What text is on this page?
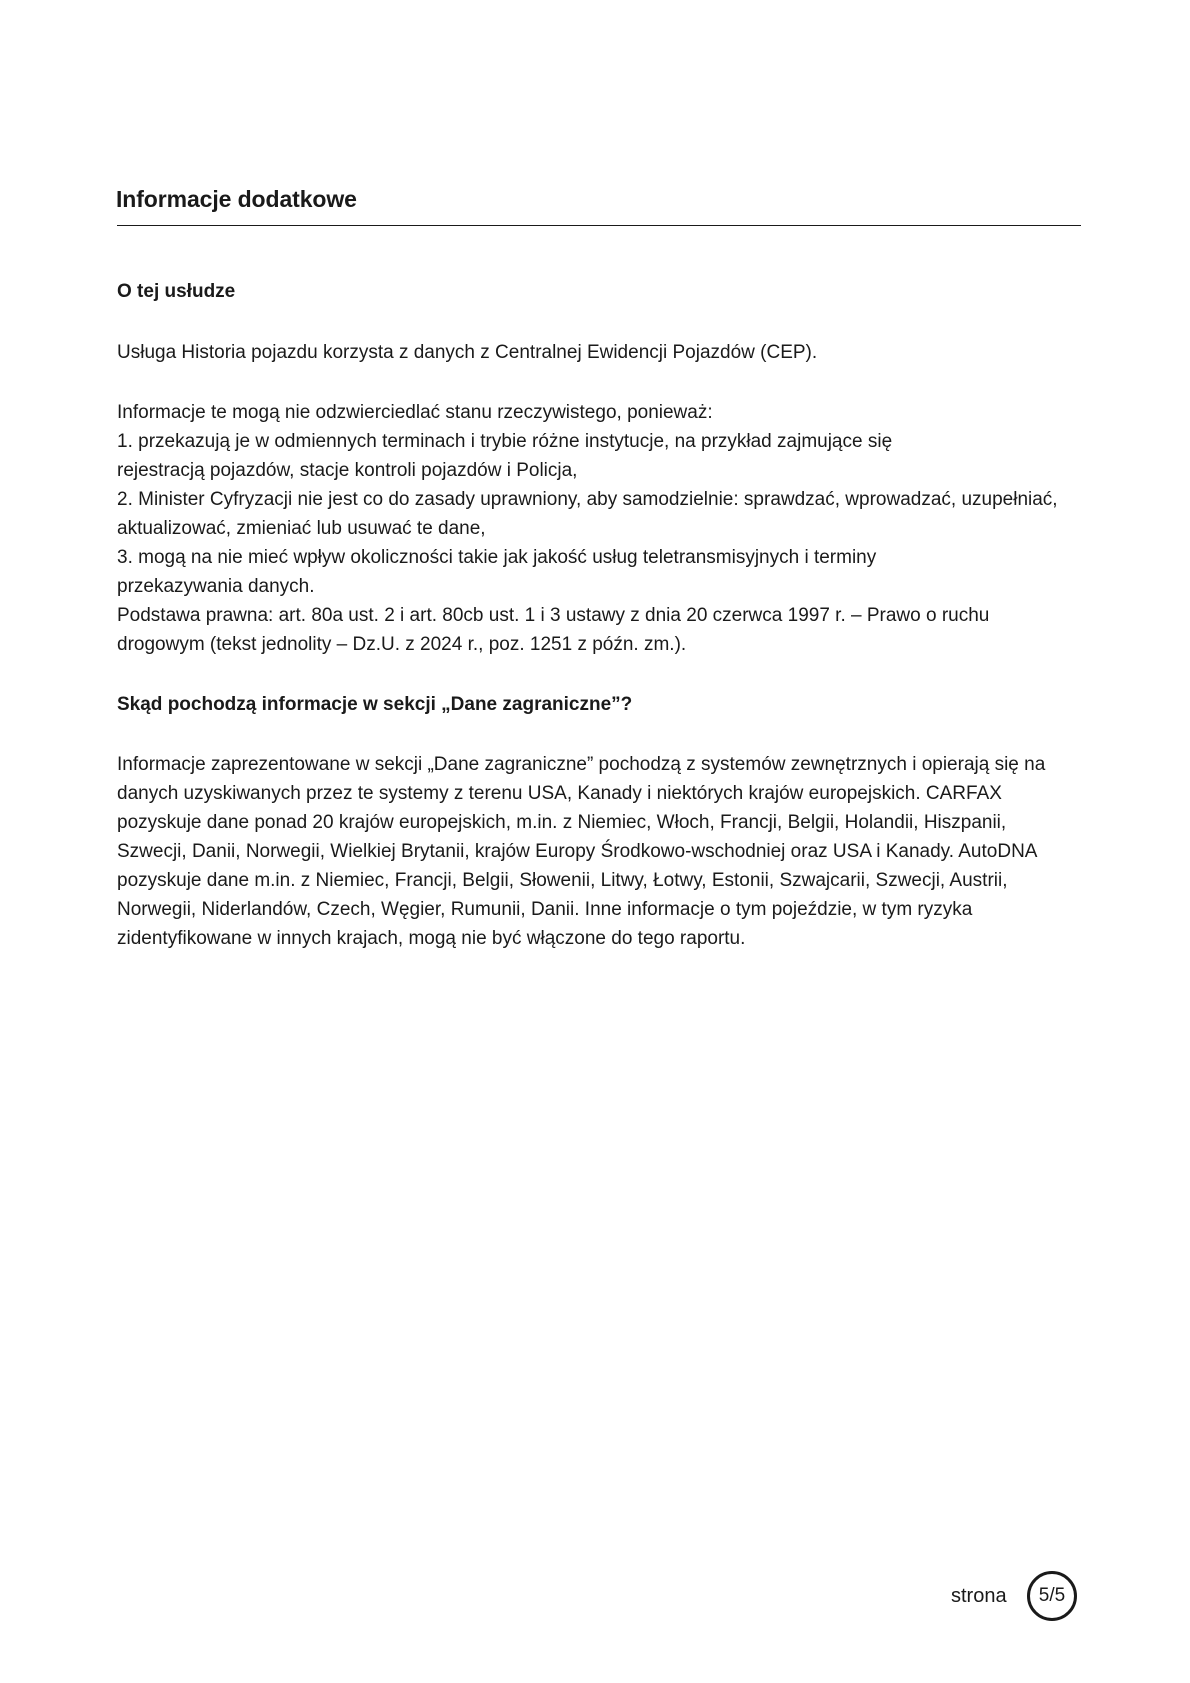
Informacje dodatkowe
O tej usłudze

Usługa Historia pojazdu korzysta z danych z Centralnej Ewidencji Pojazdów (CEP).

Informacje te mogą nie odzwierciedlać stanu rzeczywistego, ponieważ:
1. przekazują je w odmiennych terminach i trybie różne instytucje, na przykład zajmujące się
rejestracją pojazdów, stacje kontroli pojazdów i Policja,
2. Minister Cyfryzacji nie jest co do zasady uprawniony, aby samodzielnie: sprawdzać, wprowadzać, uzupełniać,
aktualizować, zmieniać lub usuwać te dane,
3. mogą na nie mieć wpływ okoliczności takie jak jakość usług teletransmisyjnych i terminy
przekazywania danych.
Podstawa prawna: art. 80a ust. 2 i art. 80cb ust. 1 i 3 ustawy z dnia 20 czerwca 1997 r. – Prawo o ruchu
drogowym (tekst jednolity – Dz.U. z 2024 r., poz. 1251 z późn. zm.).

Skąd pochodzą informacje w sekcji „Dane zagraniczne”?

Informacje zaprezentowane w sekcji „Dane zagraniczne” pochodzą z systemów zewnętrznych i opierają się na
danych uzyskiwanych przez te systemy z terenu USA, Kanady i niektórych krajów europejskich. CARFAX
pozyskuje dane ponad 20 krajów europejskich, m.in. z Niemiec, Włoch, Francji, Belgii, Holandii, Hiszpanii,
Szwecji, Danii, Norwegii, Wielkiej Brytanii, krajów Europy Środkowo-wschodniej oraz USA i Kanady. AutoDNA
pozyskuje dane m.in. z Niemiec, Francji, Belgii, Słowenii, Litwy, Łotwy, Estonii, Szwajcarii, Szwecji, Austrii,
Norwegii, Niderlandów, Czech, Węgier, Rumunii, Danii. Inne informacje o tym pojeździe, w tym ryzyka
zidentyfikowane w innych krajach, mogą nie być włączone do tego raportu.

strona 5/5
